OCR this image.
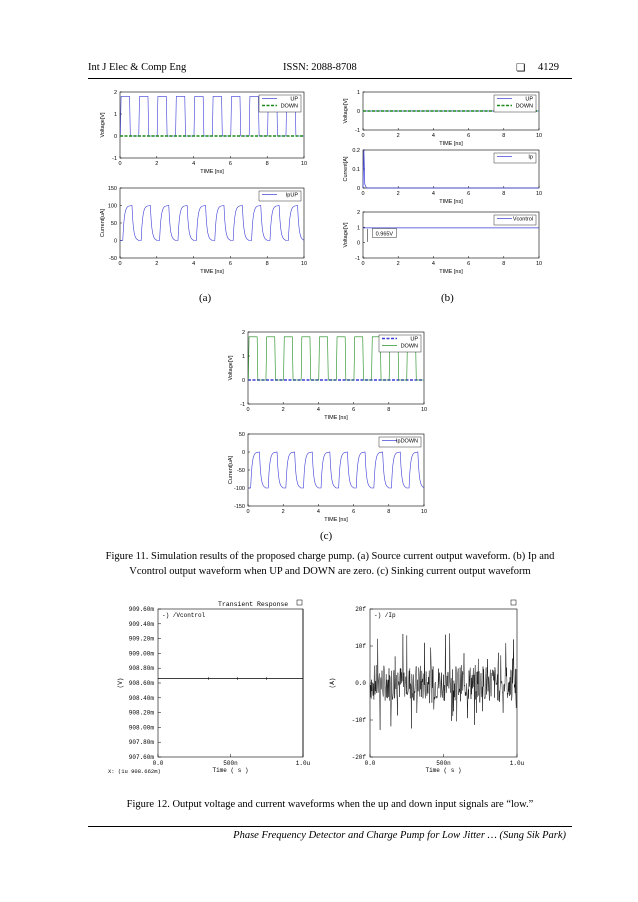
Int J Elec & Comp Eng	ISSN: 2088-8708	❏ 4129
0	2	4	6	8	10
-1
0
1
2
TIME [ns]
Voltage[V]
UP
DOWN
0	2	4	6	8	10
-50
0
50
100
150
TIME [ns]
Current[uA]
IpUP
0	2	4	6	8	10
-1
0
1
TIME [ns]
Voltage[V]	UP
DOWN
0	2	4	6	8	10
0
0.1
0.2
TIME [ns]
Current[A]	Ip
0	2	4	6	8	10
-1
0
1
2
TIME [ns]
Voltage[V]
Vcontrol
0.965V
0	2	4	6	8	10
-1
0
1
2
TIME [ns]
Voltage[V]
UP
DOWN
0	2	4	6	8	10
-150
-100
-50
0
50
TIME [ns]
Current[uA]
IpDOWN
(a)	(b)
(c)
Figure 11. Simulation results of the proposed charge pump. (a) Source current output waveform. (b) Ip and Vcontrol output waveform when UP and DOWN are zero. (c) Sinking current output waveform
Transient Response
-) /Vcontrol
907.60m
907.80m
908.00m
908.20m
908.40m
908.60m
908.80m
909.00m
909.20m
909.40m
909.60m
0.0	500n	1.0u
Time ( s )
(V)
X: (1u 908.662m)
-) /Ip
-20f
-10f
0.0
10f
20f
0.0	500n	1.0u
Time ( s )
(A)
Figure 12. Output voltage and current waveforms when the up and down input signals are “low.”
Phase Frequency Detector and Charge Pump for Low Jitter … (Sung Sik Park)
